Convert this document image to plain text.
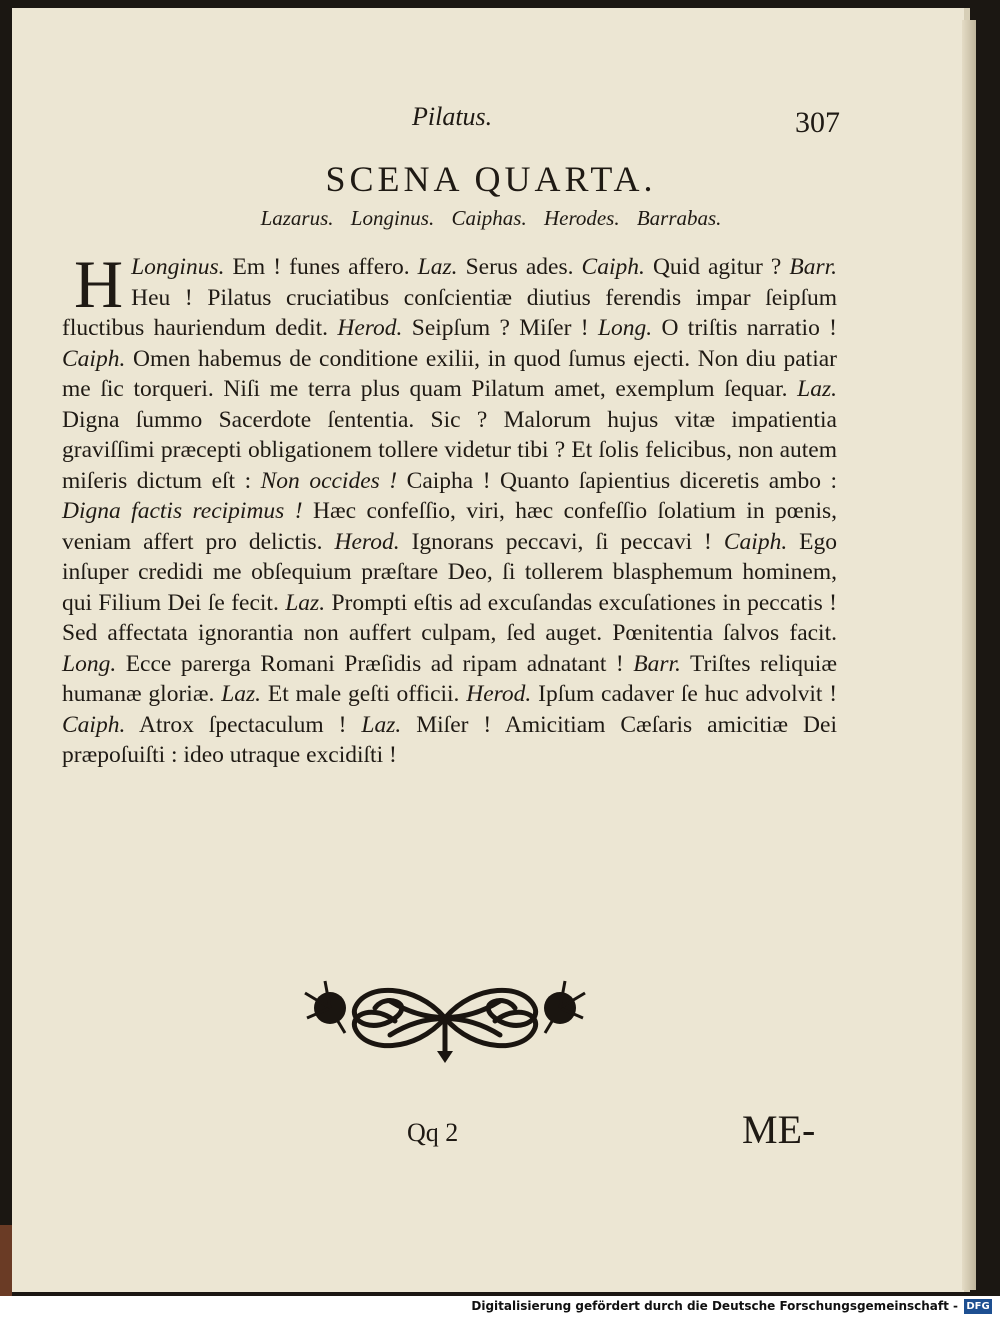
Pilatus.	307
SCENA QUARTA.
Lazarus. Longinus. Caiphas. Herodes. Barrabas.
Longinus.
H	Em ! funes affero. Laz. Serus ades. Caiph. Quid agitur ? Barr. Heu ! Pilatus cruciatibus conſcientiæ diutius ferendis impar ſeipſum fluctibus hauriendum dedit. Herod. Seipſum ? Miſer ! Long. O triſtis narratio ! Caiph. Omen habemus de conditione exilii, in quod ſumus ejecti. Non diu patiar me ſic torqueri. Niſi me terra plus quam Pilatum amet, exemplum ſequar. Laz. Digna ſummo Sacerdote ſententia. Sic ? Malorum hujus vitæ impatientia graviſſimi præcepti obligationem tollere videtur tibi ? Et ſolis felicibus, non autem miſeris dictum eſt : Non occides ! Caipha ! Quanto ſapientius diceretis ambo : Digna factis recipimus ! Hæc confeſſio, viri, hæc confeſſio ſolatium in pœnis, veniam affert pro delictis. Herod. Ignorans peccavi, ſi peccavi ! Caiph. Ego inſuper credidi me obſequium præſtare Deo, ſi tollerem blasphemum hominem, qui Filium Dei ſe fecit. Laz. Prompti eſtis ad excuſandas excuſationes in peccatis ! Sed affectata ignorantia non auffert culpam, ſed auget. Pœnitentia ſalvos facit. Long. Ecce parerga Romani Præſidis ad ripam adnatant ! Barr. Triſtes reliquiæ humanæ gloriæ. Laz. Et male geſti officii. Herod. Ipſum cadaver ſe huc advolvit ! Caiph. Atrox ſpectaculum ! Laz. Miſer ! Amicitiam Cæſaris amicitiæ Dei præpoſuiſti : ideo utraque excidiſti !
Qq 2	ME-
Digitalisierung gefördert durch die Deutsche Forschungsgemeinschaft - DFG
